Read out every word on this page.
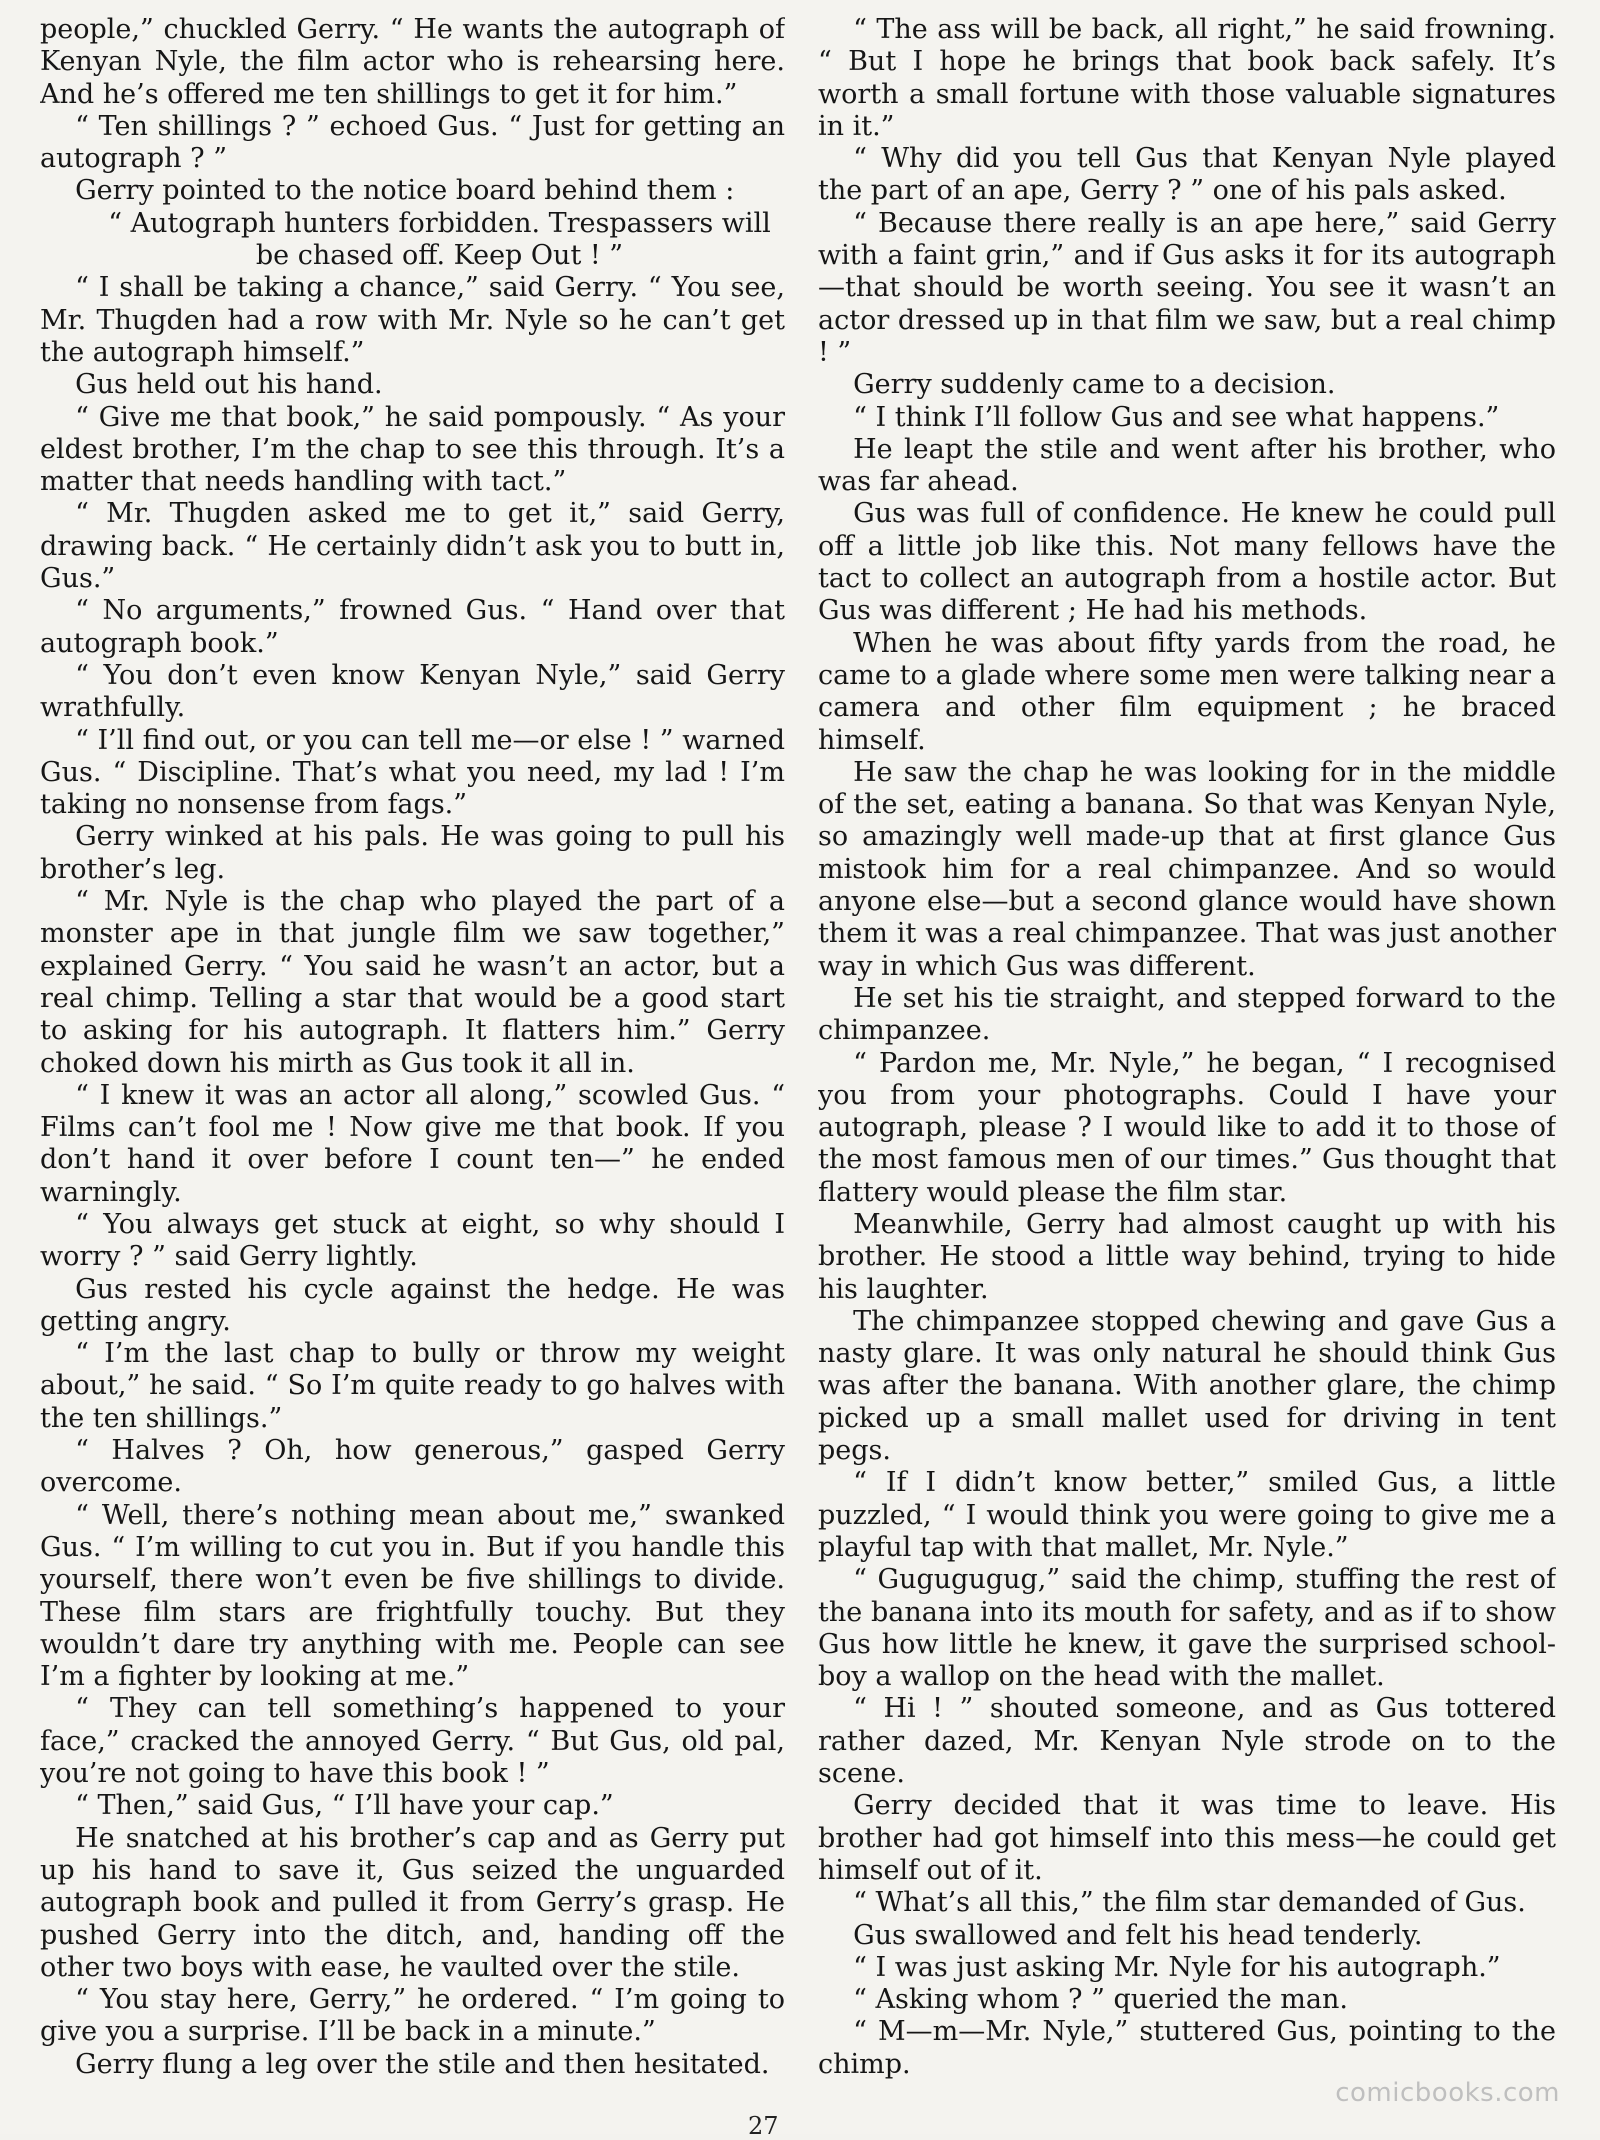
people,” chuckled Gerry. “ He wants the autograph of Kenyan Nyle, the film actor who is rehearsing here. And he’s offered me ten shillings to get it for him.”

“ Ten shillings ? ” echoed Gus. “ Just for getting an autograph ? ”

Gerry pointed to the notice board behind them :

“ Autograph hunters forbidden. Trespassers will be chased off. Keep Out ! ”

“ I shall be taking a chance,” said Gerry. “ You see, Mr. Thugden had a row with Mr. Nyle so he can’t get the autograph himself.”

Gus held out his hand.

“ Give me that book,” he said pompously. “ As your eldest brother, I’m the chap to see this through. It’s a matter that needs handling with tact.”

“ Mr. Thugden asked me to get it,” said Gerry, drawing back. “ He certainly didn’t ask you to butt in, Gus.”

“ No arguments,” frowned Gus. “ Hand over that autograph book.”

“ You don’t even know Kenyan Nyle,” said Gerry wrathfully.

“ I’ll find out, or you can tell me—or else ! ” warned Gus. “ Discipline. That’s what you need, my lad ! I’m taking no nonsense from fags.”

Gerry winked at his pals. He was going to pull his brother’s leg.

“ Mr. Nyle is the chap who played the part of a monster ape in that jungle film we saw together,” explained Gerry. “ You said he wasn’t an actor, but a real chimp. Telling a star that would be a good start to asking for his autograph. It flatters him.” Gerry choked down his mirth as Gus took it all in.

“ I knew it was an actor all along,” scowled Gus. “ Films can’t fool me ! Now give me that book. If you don’t hand it over before I count ten—” he ended warningly.

“ You always get stuck at eight, so why should I worry ? ” said Gerry lightly.

Gus rested his cycle against the hedge. He was getting angry.

“ I’m the last chap to bully or throw my weight about,” he said. “ So I’m quite ready to go halves with the ten shillings.”

“ Halves ? Oh, how generous,” gasped Gerry overcome.

“ Well, there’s nothing mean about me,” swanked Gus. “ I’m willing to cut you in. But if you handle this yourself, there won’t even be five shillings to divide. These film stars are frightfully touchy. But they wouldn’t dare try anything with me. People can see I’m a fighter by looking at me.”

“ They can tell something’s happened to your face,” cracked the annoyed Gerry. “ But Gus, old pal, you’re not going to have this book ! ”

“ Then,” said Gus, “ I’ll have your cap.”

He snatched at his brother’s cap and as Gerry put up his hand to save it, Gus seized the unguarded autograph book and pulled it from Gerry’s grasp. He pushed Gerry into the ditch, and, handing off the other two boys with ease, he vaulted over the stile.

“ You stay here, Gerry,” he ordered. “ I’m going to give you a surprise. I’ll be back in a minute.”

Gerry flung a leg over the stile and then hesitated.

“ The ass will be back, all right,” he said frowning. “ But I hope he brings that book back safely. It’s worth a small fortune with those valuable signatures in it.”

“ Why did you tell Gus that Kenyan Nyle played the part of an ape, Gerry ? ” one of his pals asked.

“ Because there really is an ape here,” said Gerry with a faint grin,” and if Gus asks it for its autograph—that should be worth seeing. You see it wasn’t an actor dressed up in that film we saw, but a real chimp ! ”

Gerry suddenly came to a decision.

“ I think I’ll follow Gus and see what happens.”

He leapt the stile and went after his brother, who was far ahead.

Gus was full of confidence. He knew he could pull off a little job like this. Not many fellows have the tact to collect an autograph from a hostile actor. But Gus was different ; He had his methods.

When he was about fifty yards from the road, he came to a glade where some men were talking near a camera and other film equipment ; he braced himself.

He saw the chap he was looking for in the middle of the set, eating a banana. So that was Kenyan Nyle, so amazingly well made-up that at first glance Gus mistook him for a real chimpanzee. And so would anyone else—but a second glance would have shown them it was a real chimpanzee. That was just another way in which Gus was different.

He set his tie straight, and stepped forward to the chimpanzee.

“ Pardon me, Mr. Nyle,” he began, “ I recognised you from your photographs. Could I have your autograph, please ? I would like to add it to those of the most famous men of our times.” Gus thought that flattery would please the film star.

Meanwhile, Gerry had almost caught up with his brother. He stood a little way behind, trying to hide his laughter.

The chimpanzee stopped chewing and gave Gus a nasty glare. It was only natural he should think Gus was after the banana. With another glare, the chimp picked up a small mallet used for driving in tent pegs.

“ If I didn’t know better,” smiled Gus, a little puzzled, “ I would think you were going to give me a playful tap with that mallet, Mr. Nyle.”

“ Gugugugug,” said the chimp, stuffing the rest of the banana into its mouth for safety, and as if to show Gus how little he knew, it gave the surprised school-boy a wallop on the head with the mallet.

“ Hi ! ” shouted someone, and as Gus tottered rather dazed, Mr. Kenyan Nyle strode on to the scene.

Gerry decided that it was time to leave. His brother had got himself into this mess—he could get himself out of it.

“ What’s all this,” the film star demanded of Gus.

Gus swallowed and felt his head tenderly.

“ I was just asking Mr. Nyle for his autograph.”

“ Asking whom ? ” queried the man.

“ M—m—Mr. Nyle,” stuttered Gus, pointing to the chimp.

27
comicbooks.com
